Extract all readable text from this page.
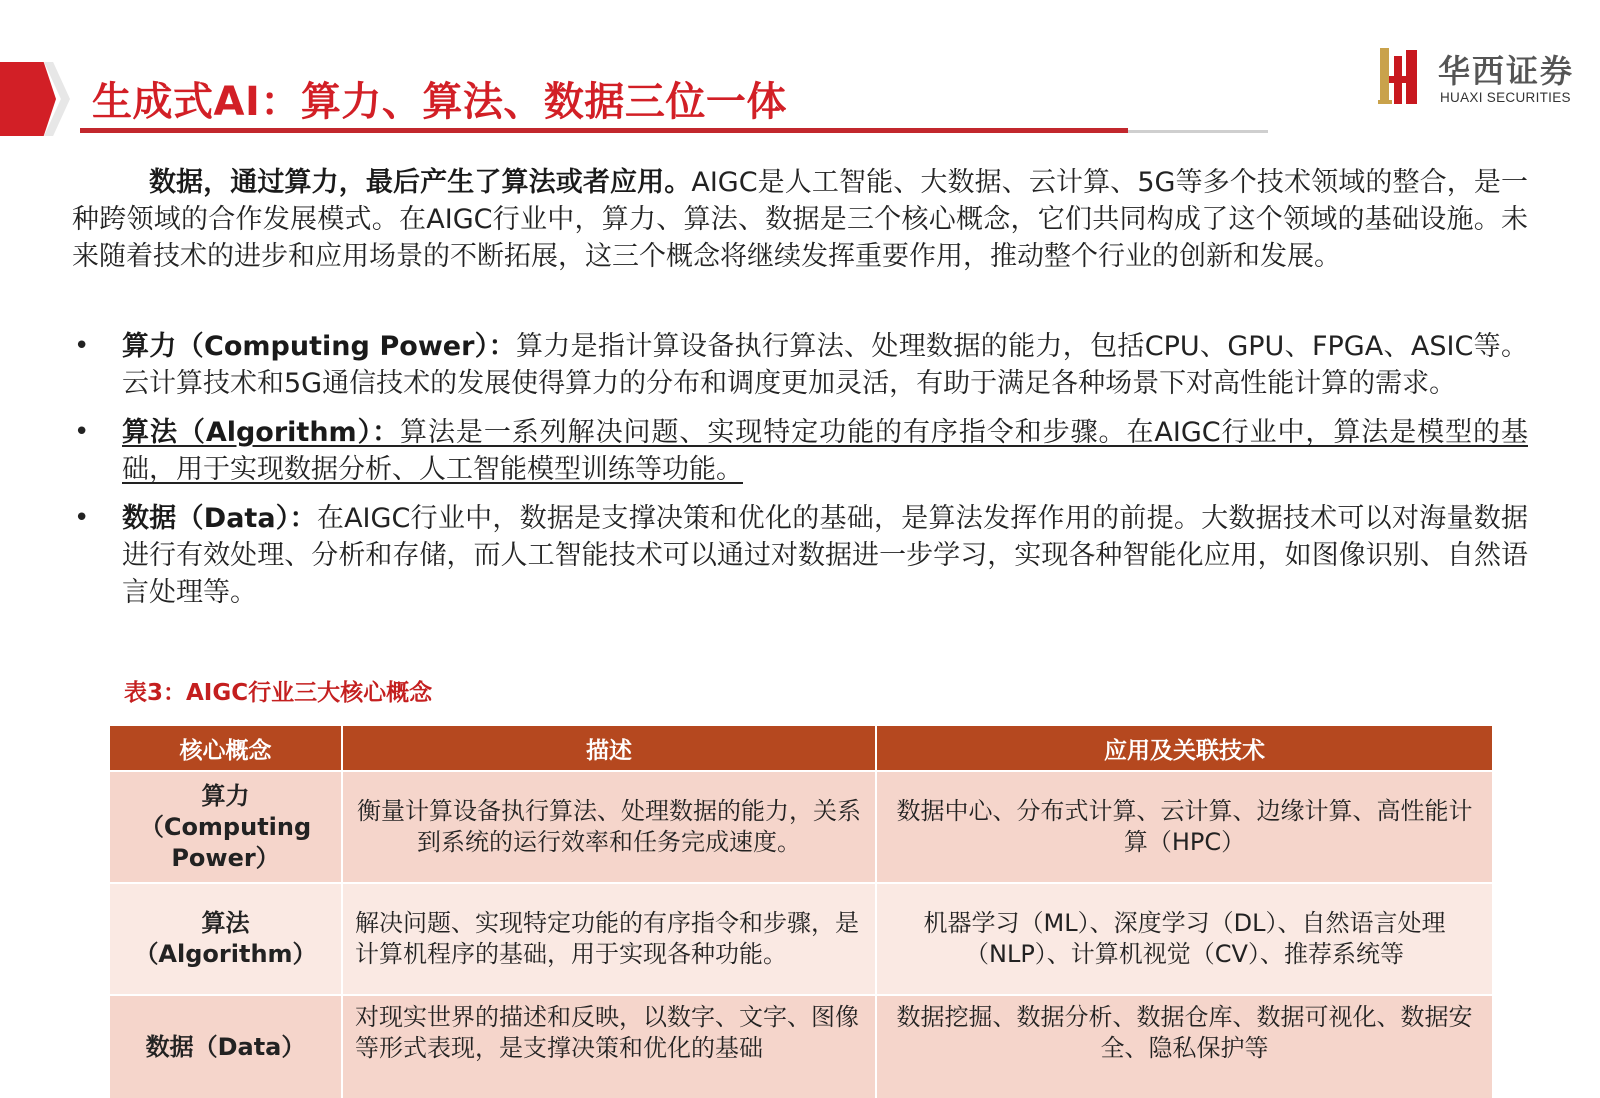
生成式AI：算力、算法、数据三位一体
华西证券
HUAXI SECURITIES

数据，通过算力，最后产生了算法或者应用。AIGC是人工智能、大数据、云计算、5G等多个技术领域的整合，是一种跨领域的合作发展模式。在AIGC行业中，算力、算法、数据是三个核心概念，它们共同构成了这个领域的基础设施。未来随着技术的进步和应用场景的不断拓展，这三个概念将继续发挥重要作用，推动整个行业的创新和发展。

• 算力（Computing Power）：算力是指计算设备执行算法、处理数据的能力，包括CPU、GPU、FPGA、ASIC等。云计算技术和5G通信技术的发展使得算力的分布和调度更加灵活，有助于满足各种场景下对高性能计算的需求。
• 算法（Algorithm）：算法是一系列解决问题、实现特定功能的有序指令和步骤。在AIGC行业中，算法是模型的基础，用于实现数据分析、人工智能模型训练等功能。
• 数据（Data）：在AIGC行业中，数据是支撑决策和优化的基础，是算法发挥作用的前提。大数据技术可以对海量数据进行有效处理、分析和存储，而人工智能技术可以通过对数据进一步学习，实现各种智能化应用，如图像识别、自然语言处理等。

表3：AIGC行业三大核心概念

核心概念	描述	应用及关联技术

算力
（Computing
Power）	衡量计算设备执行算法、处理数据的能力，关系到系统的运行效率和任务完成速度。	数据中心、分布式计算、云计算、边缘计算、高性能计算（HPC）

算法
（Algorithm）	解决问题、实现特定功能的有序指令和步骤，是计算机程序的基础，用于实现各种功能。	机器学习（ML）、深度学习（DL）、自然语言处理（NLP）、计算机视觉（CV）、推荐系统等

数据（Data）	对现实世界的描述和反映，以数字、文字、图像等形式表现，是支撑决策和优化的基础	数据挖掘、数据分析、数据仓库、数据可视化、数据安全、隐私保护等
